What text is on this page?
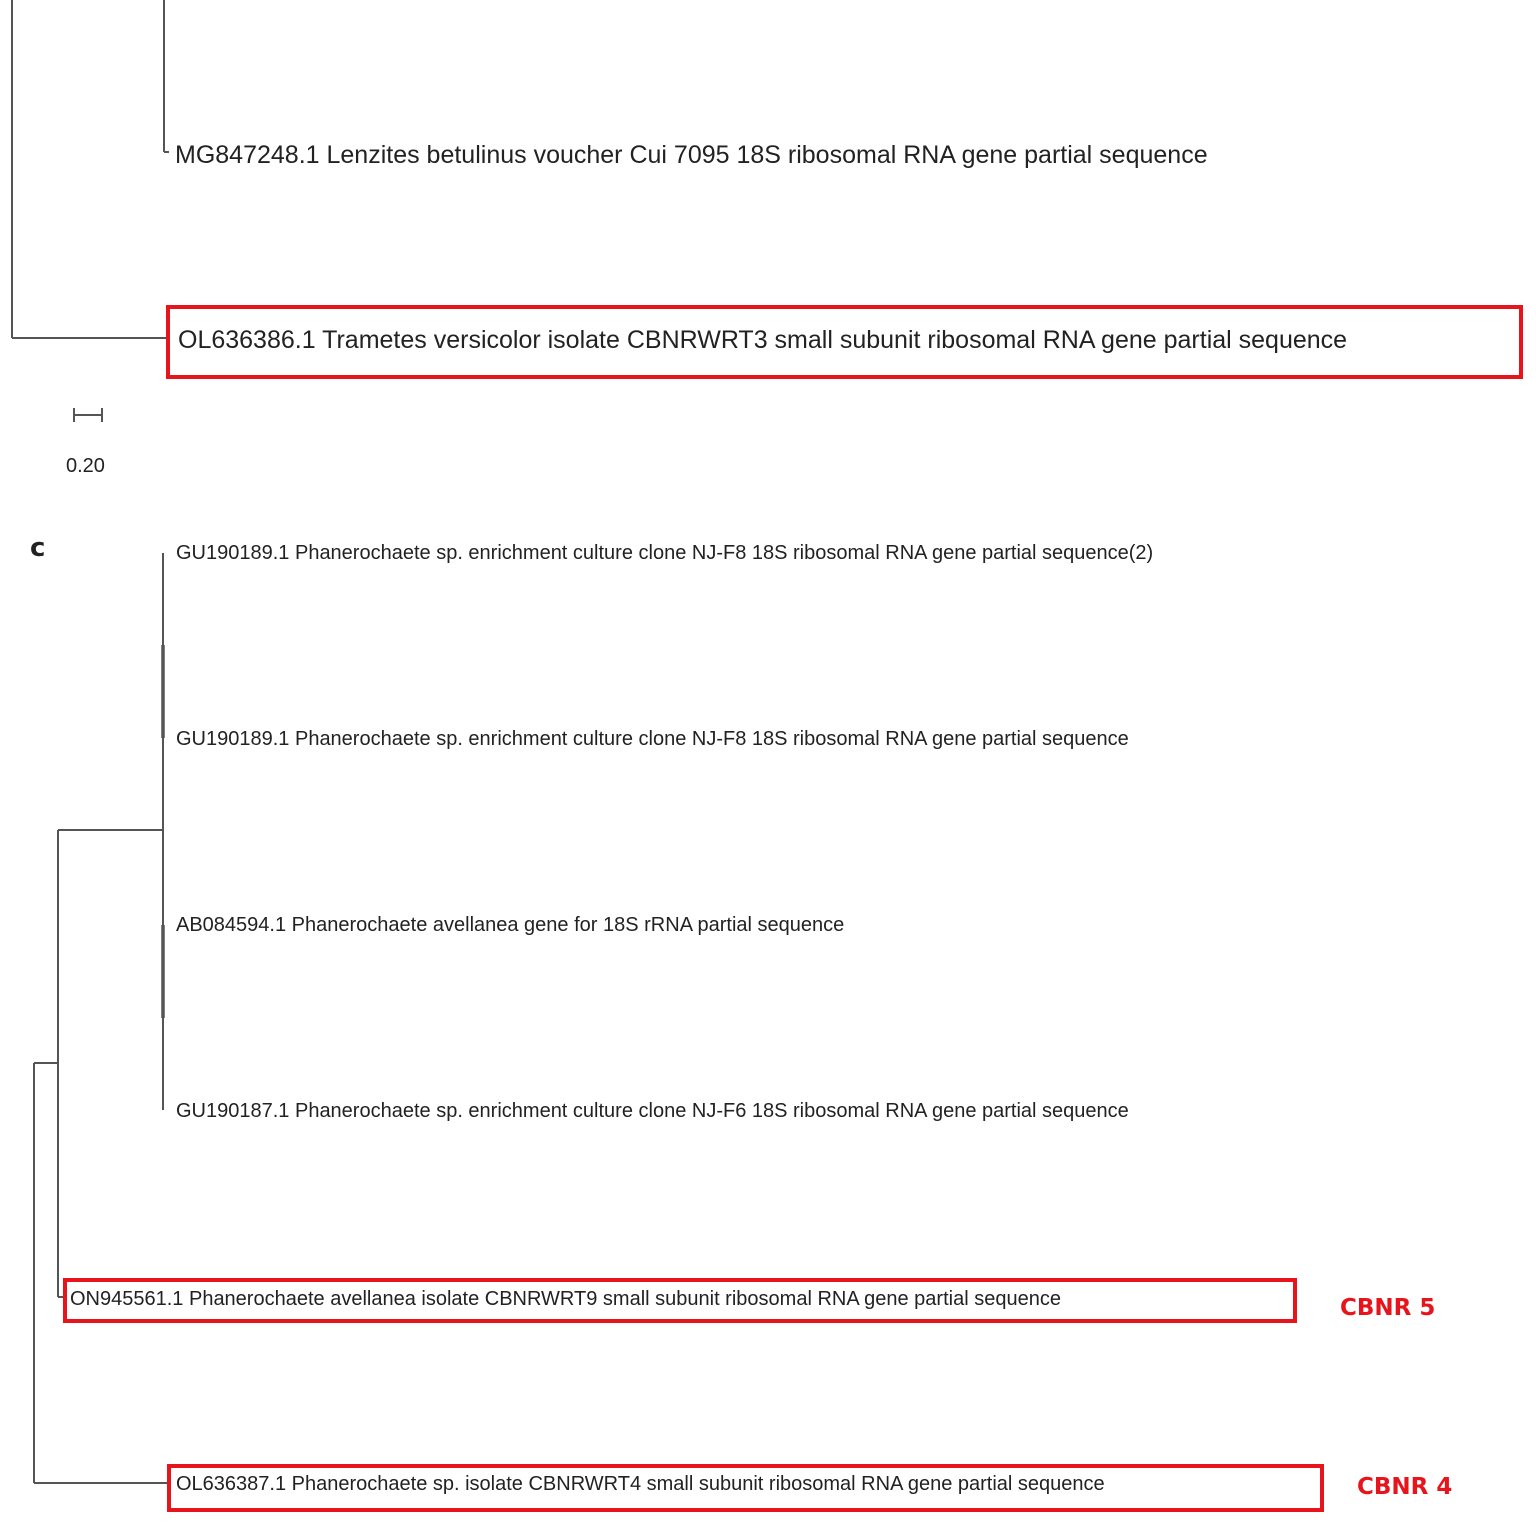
MG847248.1 Lenzites betulinus voucher Cui 7095 18S ribosomal RNA gene partial sequence
OL636386.1 Trametes versicolor isolate CBNRWRT3 small subunit ribosomal RNA gene partial sequence
0.20
c	GU190189.1 Phanerochaete sp. enrichment culture clone NJ-F8 18S ribosomal RNA gene partial sequence(2)
GU190189.1 Phanerochaete sp. enrichment culture clone NJ-F8 18S ribosomal RNA gene partial sequence
AB084594.1 Phanerochaete avellanea gene for 18S rRNA partial sequence
GU190187.1 Phanerochaete sp. enrichment culture clone NJ-F6 18S ribosomal RNA gene partial sequence
ON945561.1 Phanerochaete avellanea isolate CBNRWRT9 small subunit ribosomal RNA gene partial sequence	CBNR 5
OL636387.1 Phanerochaete sp. isolate CBNRWRT4 small subunit ribosomal RNA gene partial sequence	CBNR 4
